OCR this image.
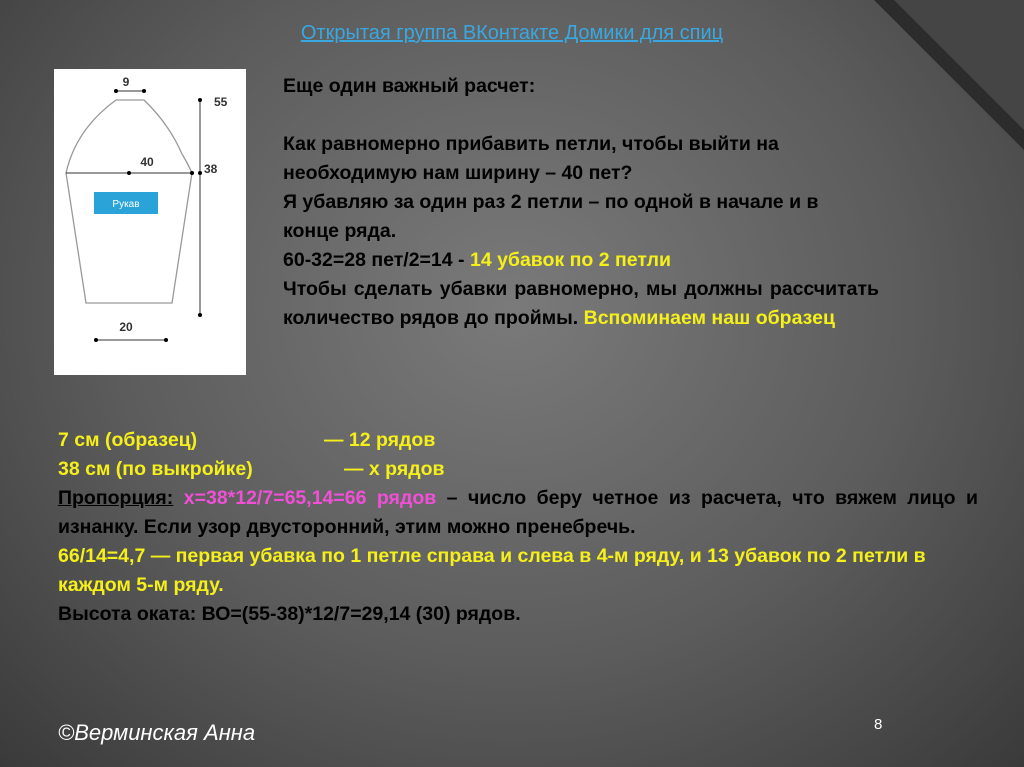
Открытая группа ВКонтакте Домики для спиц
9
55
40	38
20
Рукав

Еще один важный расчет:

Как равномерно прибавить петли, чтобы выйти на необходимую нам ширину – 40 пет?

Я убавляю за один раз 2 петли – по одной в начале и в конце ряда.

60-32=28 пет/2=14 - 14 убавок по 2 петли

Чтобы сделать убавки равномерно, мы должны рассчитать количество рядов до проймы. Вспоминаем наш образец

7 см (образец)	— 12 рядов

38 см (по выкройке)	— х рядов

Пропорция: х=38*12/7=65,14=66 рядов – число беру четное из расчета, что вяжем лицо и изнанку. Если узор двусторонний, этим можно пренебречь.

66/14=4,7 — первая убавка по 1 петле справа и слева в 4-м ряду, и 13 убавок по 2 петли в каждом 5-м ряду.

Высота оката: ВО=(55-38)*12/7=29,14 (30) рядов.

©Верминская Анна	8
